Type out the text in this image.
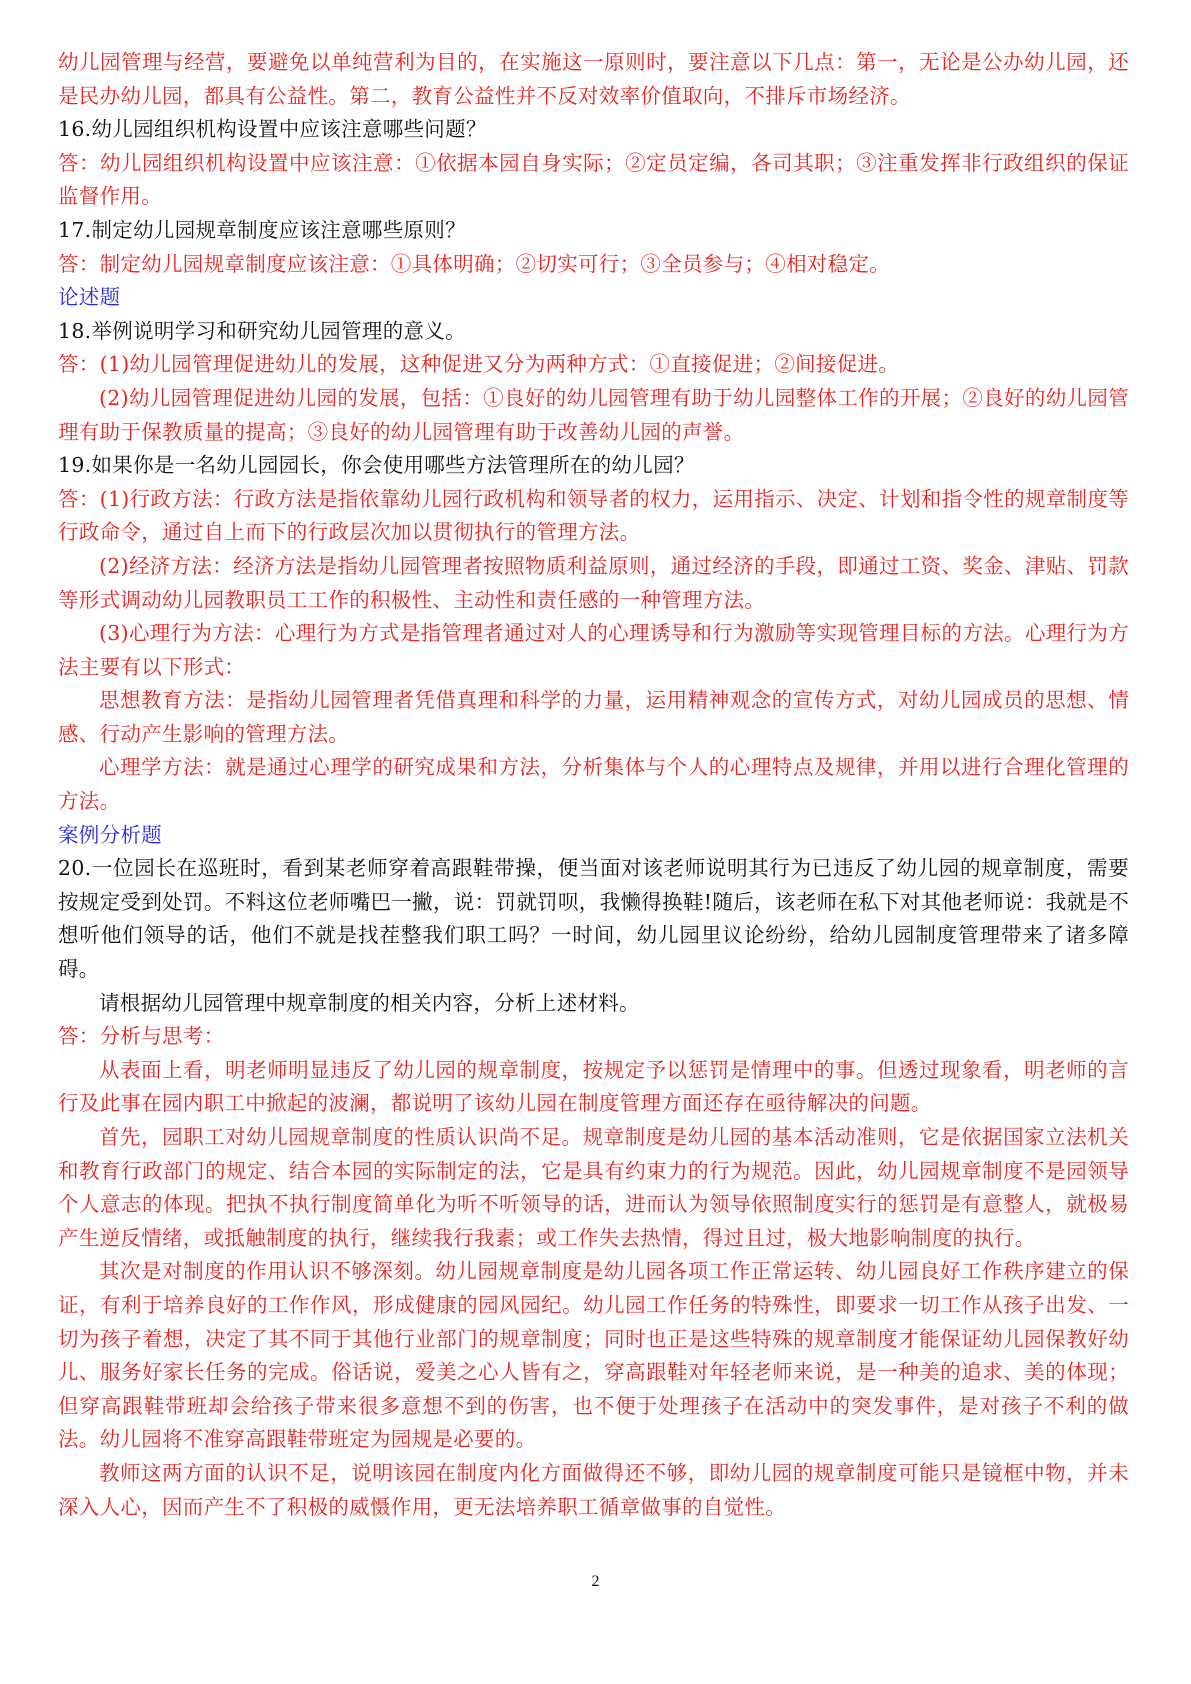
幼儿园管理与经营，要避免以单纯营利为目的，在实施这一原则时，要注意以下几点：第一，无论是公办幼儿园，还是民办幼儿园，都具有公益性。第二，教育公益性并不反对效率价值取向，不排斥市场经济。

16.幼儿园组织机构设置中应该注意哪些问题？

答：幼儿园组织机构设置中应该注意：①依据本园自身实际；②定员定编，各司其职；③注重发挥非行政组织的保证监督作用。

17.制定幼儿园规章制度应该注意哪些原则？

答：制定幼儿园规章制度应该注意：①具体明确；②切实可行；③全员参与；④相对稳定。

论述题

18.举例说明学习和研究幼儿园管理的意义。

答：(1)幼儿园管理促进幼儿的发展，这种促进又分为两种方式：①直接促进；②间接促进。

(2)幼儿园管理促进幼儿园的发展，包括：①良好的幼儿园管理有助于幼儿园整体工作的开展；②良好的幼儿园管理有助于保教质量的提高；③良好的幼儿园管理有助于改善幼儿园的声誉。

19.如果你是一名幼儿园园长，你会使用哪些方法管理所在的幼儿园？

答：(1)行政方法：行政方法是指依靠幼儿园行政机构和领导者的权力，运用指示、决定、计划和指令性的规章制度等行政命令，通过自上而下的行政层次加以贯彻执行的管理方法。

(2)经济方法：经济方法是指幼儿园管理者按照物质利益原则，通过经济的手段，即通过工资、奖金、津贴、罚款等形式调动幼儿园教职员工工作的积极性、主动性和责任感的一种管理方法。

(3)心理行为方法：心理行为方式是指管理者通过对人的心理诱导和行为激励等实现管理目标的方法。心理行为方法主要有以下形式：

思想教育方法：是指幼儿园管理者凭借真理和科学的力量，运用精神观念的宣传方式，对幼儿园成员的思想、情感、行动产生影响的管理方法。

心理学方法：就是通过心理学的研究成果和方法，分析集体与个人的心理特点及规律，并用以进行合理化管理的方法。

案例分析题

20.一位园长在巡班时，看到某老师穿着高跟鞋带操，便当面对该老师说明其行为已违反了幼儿园的规章制度，需要按规定受到处罚。不料这位老师嘴巴一撇，说：罚就罚呗，我懒得换鞋!随后，该老师在私下对其他老师说：我就是不想听他们领导的话，他们不就是找茬整我们职工吗？一时间，幼儿园里议论纷纷，给幼儿园制度管理带来了诸多障碍。

请根据幼儿园管理中规章制度的相关内容，分析上述材料。

答：分析与思考：

从表面上看，明老师明显违反了幼儿园的规章制度，按规定予以惩罚是情理中的事。但透过现象看，明老师的言行及此事在园内职工中掀起的波澜，都说明了该幼儿园在制度管理方面还存在亟待解决的问题。

首先，园职工对幼儿园规章制度的性质认识尚不足。规章制度是幼儿园的基本活动准则，它是依据国家立法机关和教育行政部门的规定、结合本园的实际制定的法，它是具有约束力的行为规范。因此，幼儿园规章制度不是园领导个人意志的体现。把执不执行制度简单化为听不听领导的话，进而认为领导依照制度实行的惩罚是有意整人，就极易产生逆反情绪，或抵触制度的执行，继续我行我素；或工作失去热情，得过且过，极大地影响制度的执行。

其次是对制度的作用认识不够深刻。幼儿园规章制度是幼儿园各项工作正常运转、幼儿园良好工作秩序建立的保证，有利于培养良好的工作作风，形成健康的园风园纪。幼儿园工作任务的特殊性，即要求一切工作从孩子出发、一切为孩子着想，决定了其不同于其他行业部门的规章制度；同时也正是这些特殊的规章制度才能保证幼儿园保教好幼儿、服务好家长任务的完成。俗话说，爱美之心人皆有之，穿高跟鞋对年轻老师来说，是一种美的追求、美的体现；但穿高跟鞋带班却会给孩子带来很多意想不到的伤害，也不便于处理孩子在活动中的突发事件，是对孩子不利的做法。幼儿园将不准穿高跟鞋带班定为园规是必要的。

教师这两方面的认识不足，说明该园在制度内化方面做得还不够，即幼儿园的规章制度可能只是镜框中物，并未深入人心，因而产生不了积极的威慑作用，更无法培养职工循章做事的自觉性。

2
